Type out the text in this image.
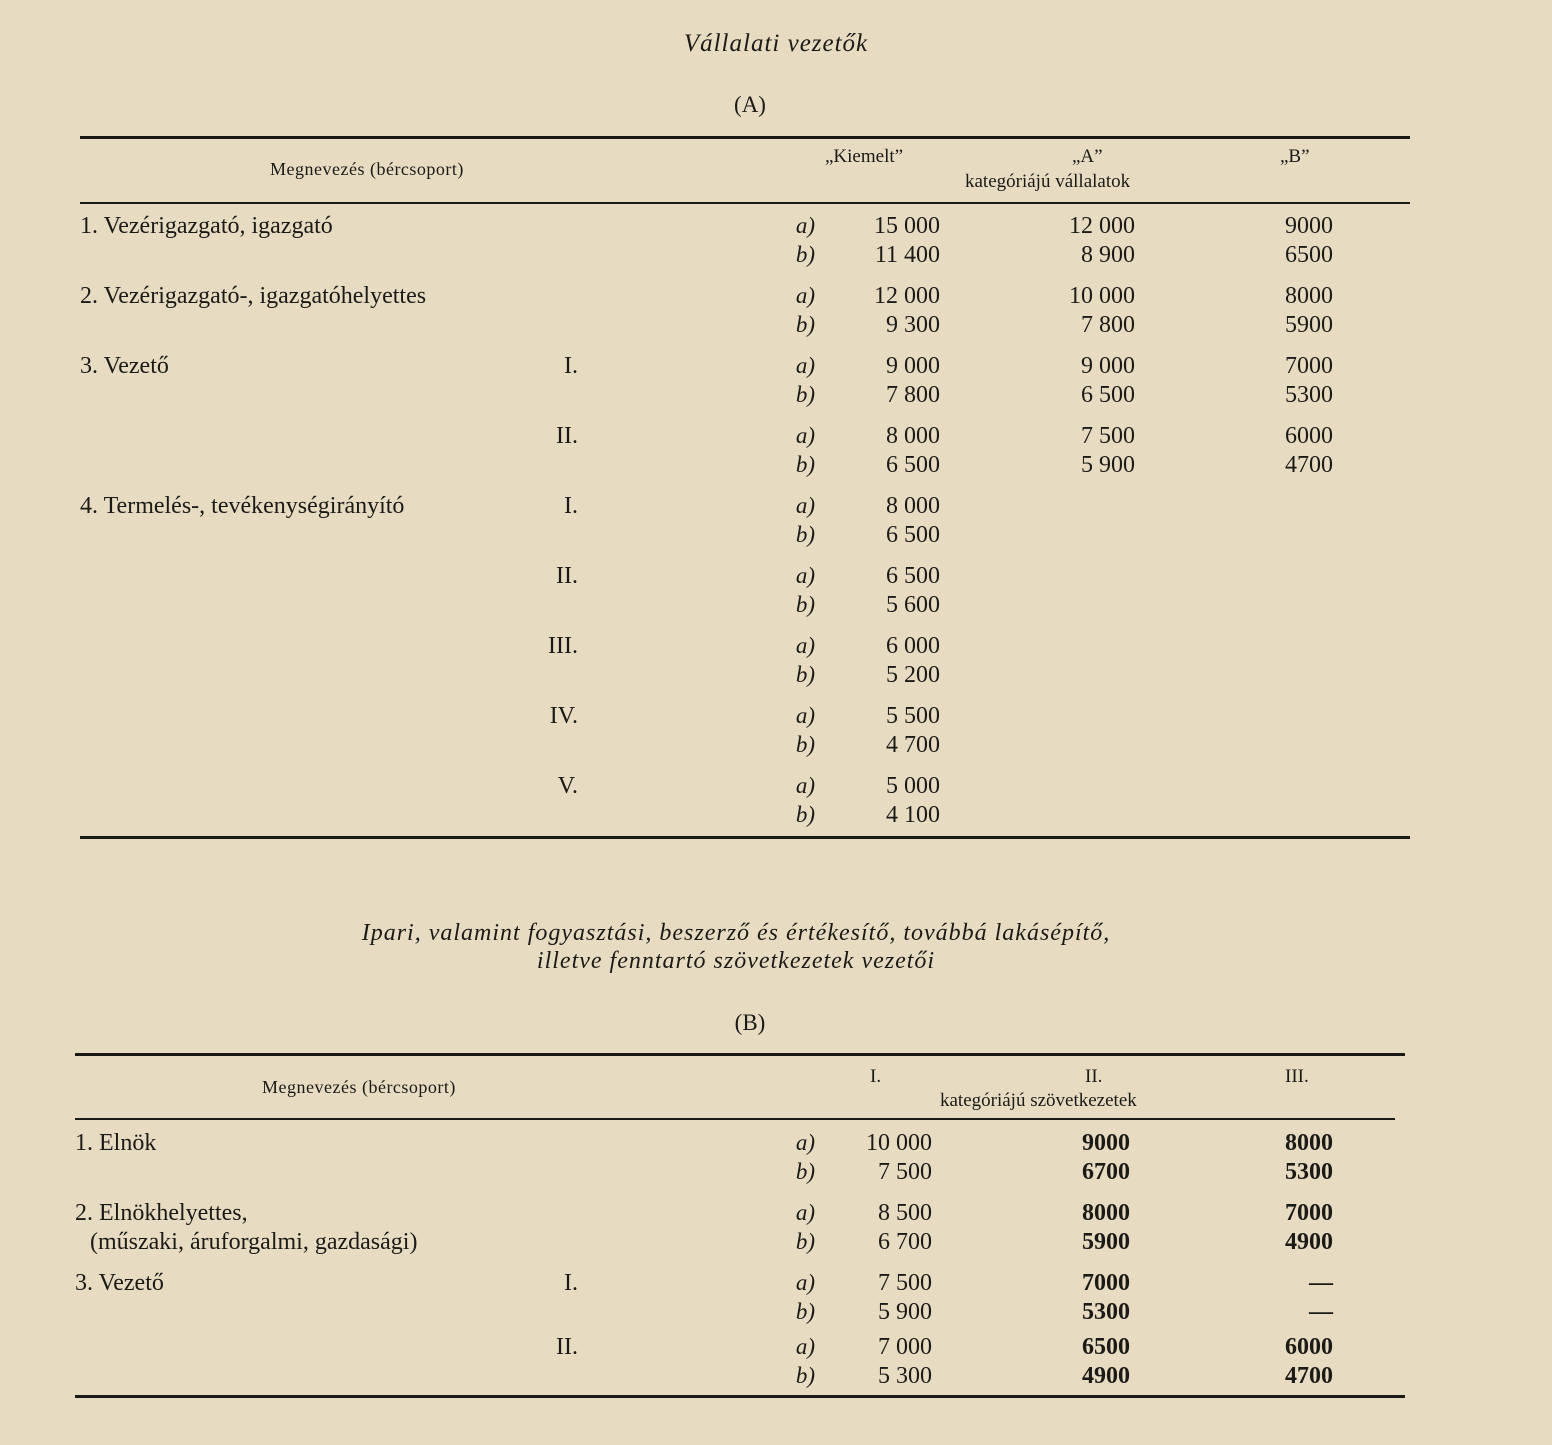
Vállalati vezetők
(A)
Megnevezés (bércsoport)
„Kiemelt”	„A”	„B”
kategóriájú vállalatok
1. Vezérigazgató, igazgató	a)	15 000	12 000	9000
b)	11 400	8 900	6500
2. Vezérigazgató-, igazgatóhelyettes	a)	12 000	10 000	8000
b)	9 300	7 800	5900
3. Vezető	I.	a)	9 000	9 000	7000
b)	7 800	6 500	5300
II.	a)	8 000	7 500	6000
b)	6 500	5 900	4700
4. Termelés-, tevékenységirányító	I.	a)	8 000
b)	6 500
II.	a)	6 500
b)	5 600
III.	a)	6 000
b)	5 200
IV.	a)	5 500
b)	4 700
V.	a)	5 000
b)	4 100
Ipari, valamint fogyasztási, beszerző és értékesítő, továbbá lakásépítő,
illetve fenntartó szövetkezetek vezetői
(B)
Megnevezés (bércsoport)	I.	II.	III.
kategóriájú szövetkezetek
1. Elnök	a)	10 000	9000	8000
b)	7 500	6700	5300
2. Elnökhelyettes,
(műszaki, áruforgalmi, gazdasági)
a)	8 500	8000	7000
b)	6 700	5900	4900
3. Vezető	I.	a)	7 500	7000	—
b)	5 900	5300	—
II.	a)	7 000	6500	6000
b)	5 300	4900	4700
